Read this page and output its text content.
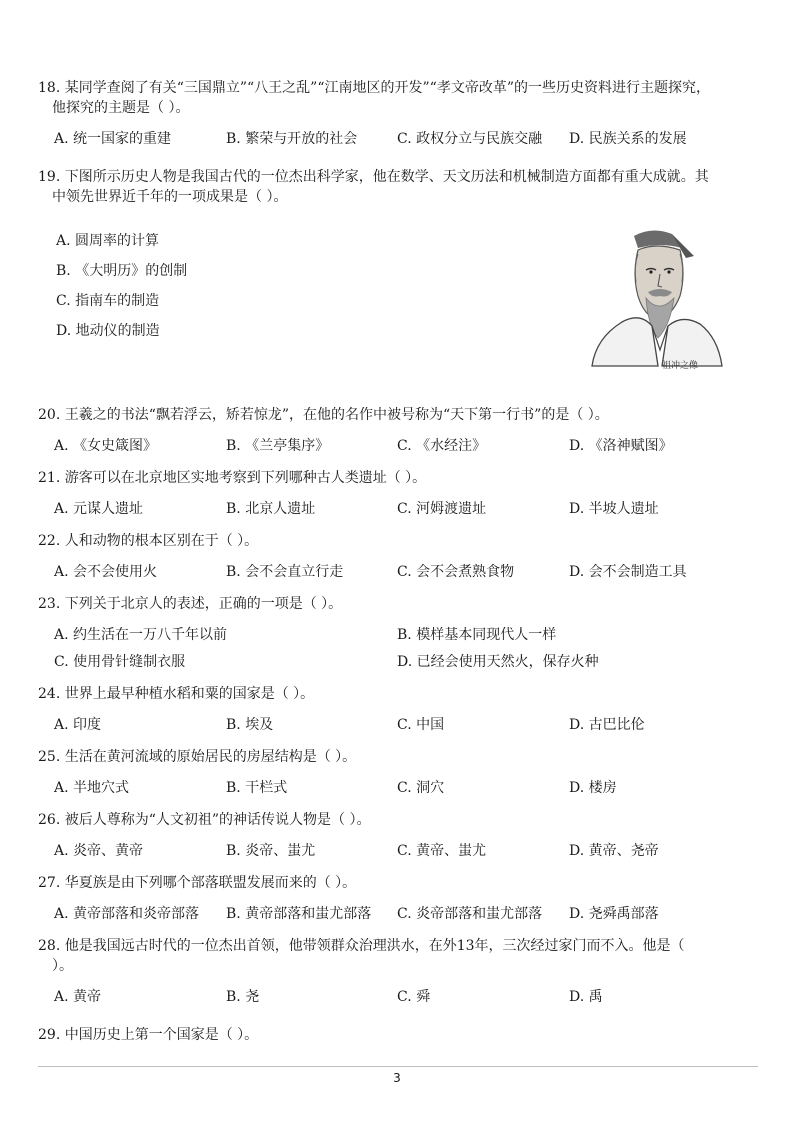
18. 某同学查阅了有关“三国鼎立”“八王之乱”“江南地区的开发”“孝文帝改革”的一些历史资料进行主题探究，
他探究的主题是（ ）。

A. 统一国家的重建	B. 繁荣与开放的社会	C. 政权分立与民族交融 D. 民族关系的发展

19. 下图所示历史人物是我国古代的一位杰出科学家，他在数学、天文历法和机械制造方面都有重大成就。其
中领先世界近千年的一项成果是（ ）。

A. 圆周率的计算
B. 《大明历》的创制
C. 指南车的制造
D. 地动仪的制造
祖冲之像

20. 王羲之的书法“飘若浮云，矫若惊龙”，在他的名作中被号称为“天下第一行书”的是（ ）。

A. 《女史箴图》	B. 《兰亭集序》	C. 《水经注》	D. 《洛神赋图》

21. 游客可以在北京地区实地考察到下列哪种古人类遗址（ ）。

A. 元谋人遗址	B. 北京人遗址	C. 河姆渡遗址	D. 半坡人遗址

22. 人和动物的根本区别在于（ ）。

A. 会不会使用火	B. 会不会直立行走	C. 会不会煮熟食物	D. 会不会制造工具

23. 下列关于北京人的表述，正确的一项是（ ）。

A. 约生活在一万八千年以前	B. 模样基本同现代人一样
C. 使用骨针缝制衣服	D. 已经会使用天然火，保存火种

24. 世界上最早种植水稻和粟的国家是（ ）。

A. 印度	B. 埃及	C. 中国	D. 古巴比伦

25. 生活在黄河流域的原始居民的房屋结构是（ ）。

A. 半地穴式	B. 干栏式	C. 洞穴	D. 楼房

26. 被后人尊称为“人文初祖”的神话传说人物是（ ）。

A. 炎帝、黄帝	B. 炎帝、蚩尤	C. 黄帝、蚩尤	D. 黄帝、尧帝

27. 华夏族是由下列哪个部落联盟发展而来的（ ）。

A. 黄帝部落和炎帝部落 B. 黄帝部落和蚩尤部落 C. 炎帝部落和蚩尤部落 D. 尧舜禹部落

28. 他是我国远古时代的一位杰出首领，他带领群众治理洪水，在外13年，三次经过家门而不入。他是（
）。

A. 黄帝	B. 尧	C. 舜	D. 禹

29. 中国历史上第一个国家是（ ）。

3
